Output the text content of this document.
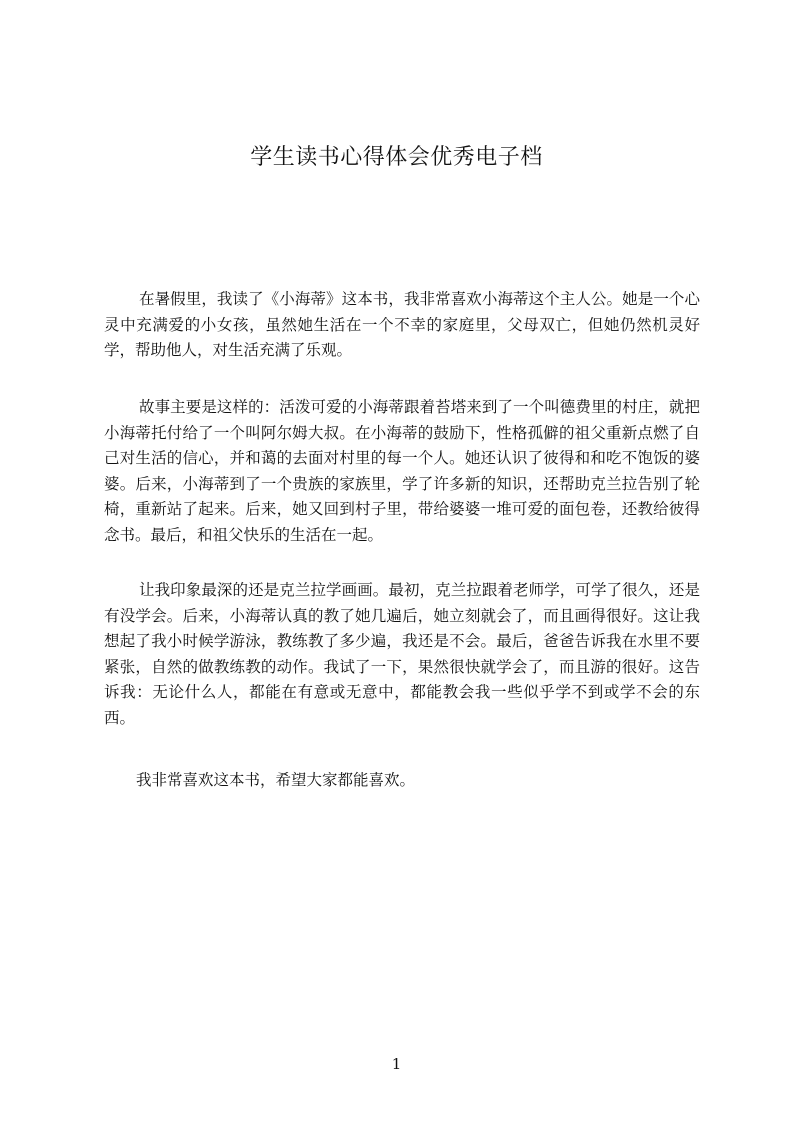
学生读书心得体会优秀电子档

在暑假里，我读了《小海蒂》这本书，我非常喜欢小海蒂这个主人公。她是一个心灵中充满爱的小女孩，虽然她生活在一个不幸的家庭里，父母双亡，但她仍然机灵好学，帮助他人，对生活充满了乐观。

故事主要是这样的：活泼可爱的小海蒂跟着苔塔来到了一个叫德费里的村庄，就把小海蒂托付给了一个叫阿尔姆大叔。在小海蒂的鼓励下，性格孤僻的祖父重新点燃了自己对生活的信心，并和蔼的去面对村里的每一个人。她还认识了彼得和和吃不饱饭的婆婆。后来，小海蒂到了一个贵族的家族里，学了许多新的知识，还帮助克兰拉告别了轮椅，重新站了起来。后来，她又回到村子里，带给婆婆一堆可爱的面包卷，还教给彼得念书。最后，和祖父快乐的生活在一起。

让我印象最深的还是克兰拉学画画。最初，克兰拉跟着老师学，可学了很久，还是有没学会。后来，小海蒂认真的教了她几遍后，她立刻就会了，而且画得很好。这让我想起了我小时候学游泳，教练教了多少遍，我还是不会。最后，爸爸告诉我在水里不要紧张，自然的做教练教的动作。我试了一下，果然很快就学会了，而且游的很好。这告诉我：无论什么人，都能在有意或无意中，都能教会我一些似乎学不到或学不会的东西。

我非常喜欢这本书，希望大家都能喜欢。

1
